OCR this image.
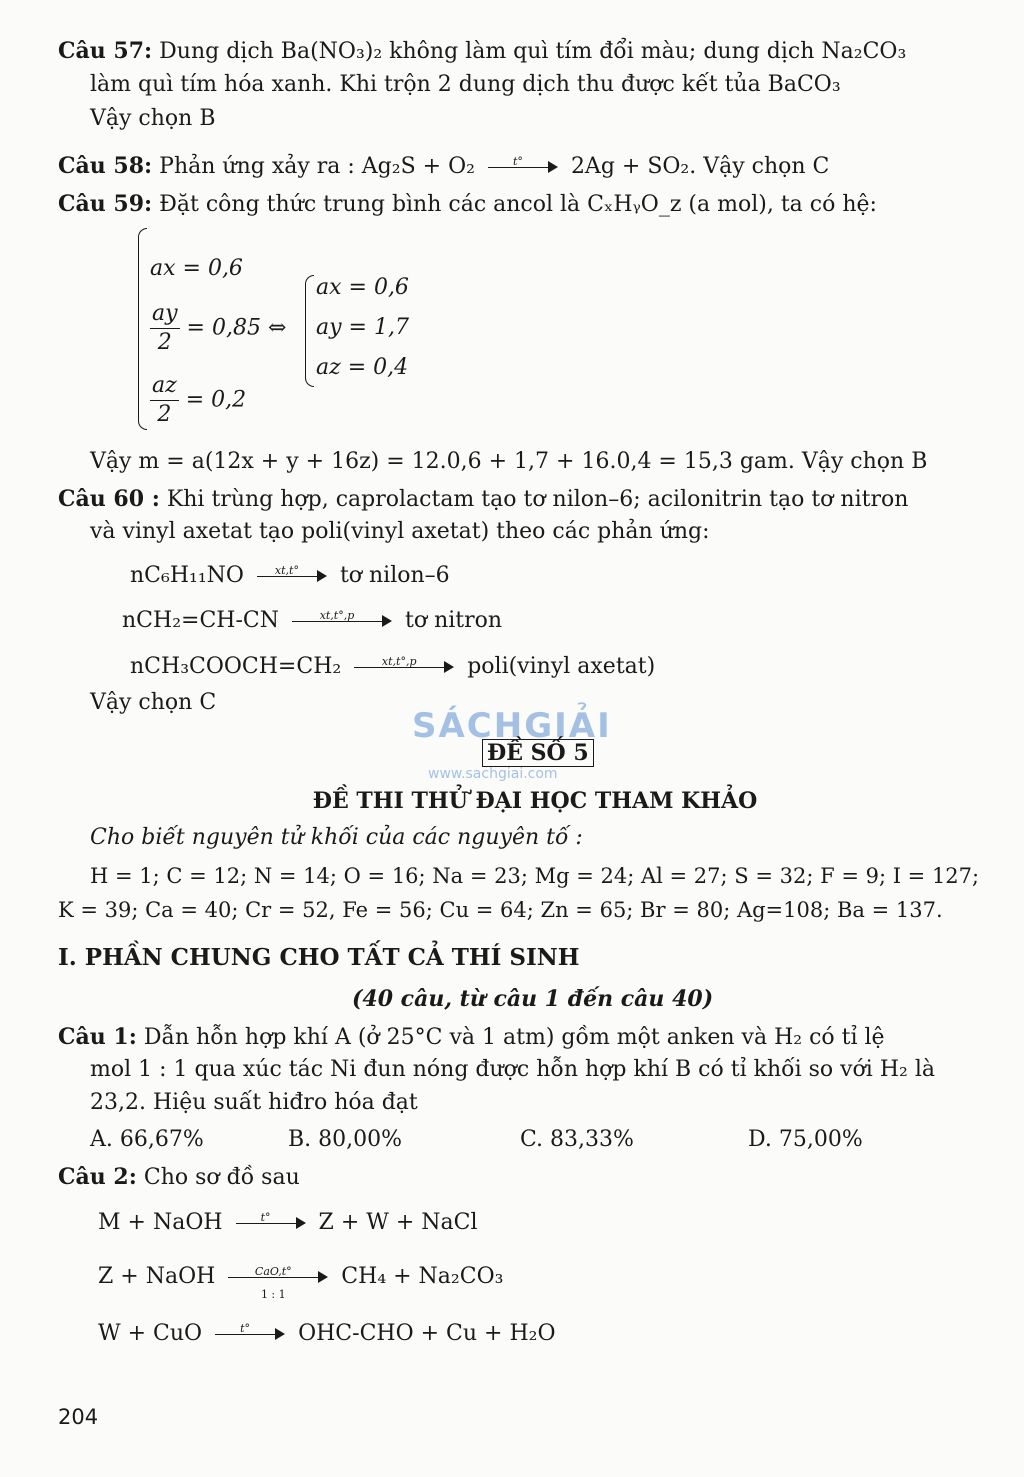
Câu 57: Dung dịch Ba(NO₃)₂ không làm quì tím đổi màu; dung dịch Na₂CO₃
làm quì tím hóa xanh. Khi trộn 2 dung dịch thu được kết tủa BaCO₃
Vậy chọn B
Câu 58: Phản ứng xảy ra : Ag₂S + O₂	t°	2Ag + SO₂. Vậy chọn C
Câu 59: Đặt công thức trung bình các ancol là CₓHᵧO_z (a mol), ta có hệ:
ax = 0,6
$\frac{ay}{2} = 0,85$ ⇔
$\frac{az}{2} = 0,2$
ax = 0,6
ay = 1,7
az = 0,4
Vậy m = a(12x + y + 16z) = 12.0,6 + 1,7 + 16.0,4 = 15,3 gam. Vậy chọn B
Câu 60 : Khi trùng hợp, caprolactam tạo tơ nilon–6; acilonitrin tạo tơ nitron
và vinyl axetat tạo poli(vinyl axetat) theo các phản ứng:
nC₆H₁₁NO	xt,t°	tơ nilon–6
nCH₂=CH-CN	xt,t°,p	tơ nitron
nCH₃COOCH=CH₂	xt,t°,p	poli(vinyl axetat)
Vậy chọn C
SÁCHGIẢI
www.sachgiai.com
ĐỀ SỐ 5
ĐỀ THI THỬ ĐẠI HỌC THAM KHẢO
Cho biết nguyên tử khối của các nguyên tố :
H = 1; C = 12; N = 14; O = 16; Na = 23; Mg = 24; Al = 27; S = 32; F = 9; I = 127;
K = 39; Ca = 40; Cr = 52, Fe = 56; Cu = 64; Zn = 65; Br = 80; Ag=108; Ba = 137.
I. PHẦN CHUNG CHO TẤT CẢ THÍ SINH
(40 câu, từ câu 1 đến câu 40)
Câu 1: Dẫn hỗn hợp khí A (ở 25°C và 1 atm) gồm một anken và H₂ có tỉ lệ
mol 1 : 1 qua xúc tác Ni đun nóng được hỗn hợp khí B có tỉ khối so với H₂ là
23,2. Hiệu suất hiđro hóa đạt
A. 66,67%	B. 80,00%	C. 83,33%	D. 75,00%
Câu 2: Cho sơ đồ sau
M + NaOH	t°	Z + W + NaCl
Z + NaOH	CaO,t°
1 : 1
CH₄ + Na₂CO₃
W + CuO	t°	OHC-CHO + Cu + H₂O
204
